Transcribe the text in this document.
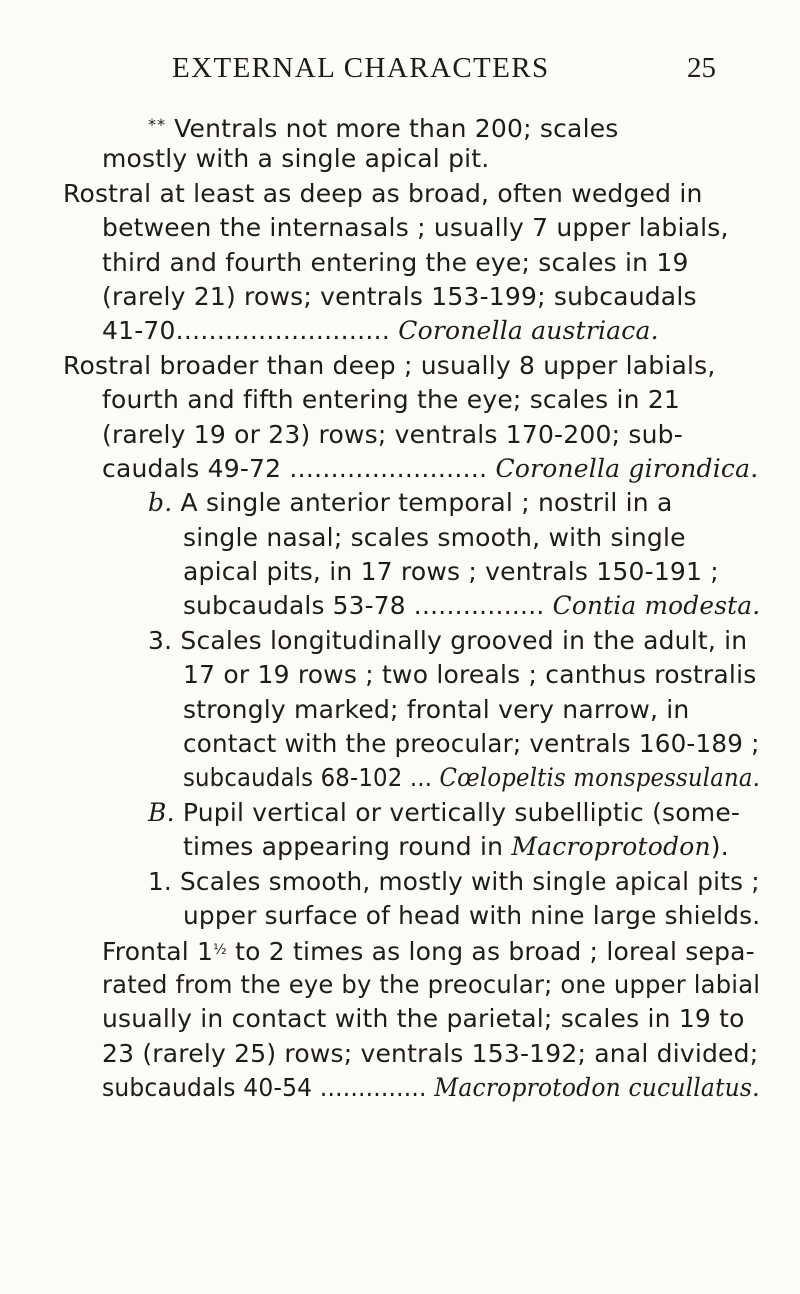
EXTERNAL CHARACTERS	25
** Ventrals not more than 200; scales
mostly with a single apical pit.
Rostral at least as deep as broad, often wedged in
between the internasals ; usually 7 upper labials,
third and fourth entering the eye; scales in 19
(rarely 21) rows; ventrals 153-199; subcaudals
41-70.......................... Coronella austriaca.
Rostral broader than deep ; usually 8 upper labials,
fourth and fifth entering the eye; scales in 21
(rarely 19 or 23) rows; ventrals 170-200; sub-
caudals 49-72 ........................ Coronella girondica.
b. A single anterior temporal ; nostril in a
single nasal; scales smooth, with single
apical pits, in 17 rows ; ventrals 150-191 ;
subcaudals 53-78 ................ Contia modesta.
3. Scales longitudinally grooved in the adult, in
17 or 19 rows ; two loreals ; canthus rostralis
strongly marked; frontal very narrow, in
contact with the preocular; ventrals 160-189 ;
subcaudals 68-102 ... Cœlopeltis monspessulana.
B. Pupil vertical or vertically subelliptic (some-
times appearing round in Macroprotodon).
1. Scales smooth, mostly with single apical pits ;
upper surface of head with nine large shields.
Frontal $1^{\frac{1}{2}}$ to 2 times as long as broad ; loreal sepa-
rated from the eye by the preocular; one upper labial
usually in contact with the parietal; scales in 19 to
23 (rarely 25) rows; ventrals 153-192; anal divided;
subcaudals 40-54 .............. Macroprotodon cucullatus.
